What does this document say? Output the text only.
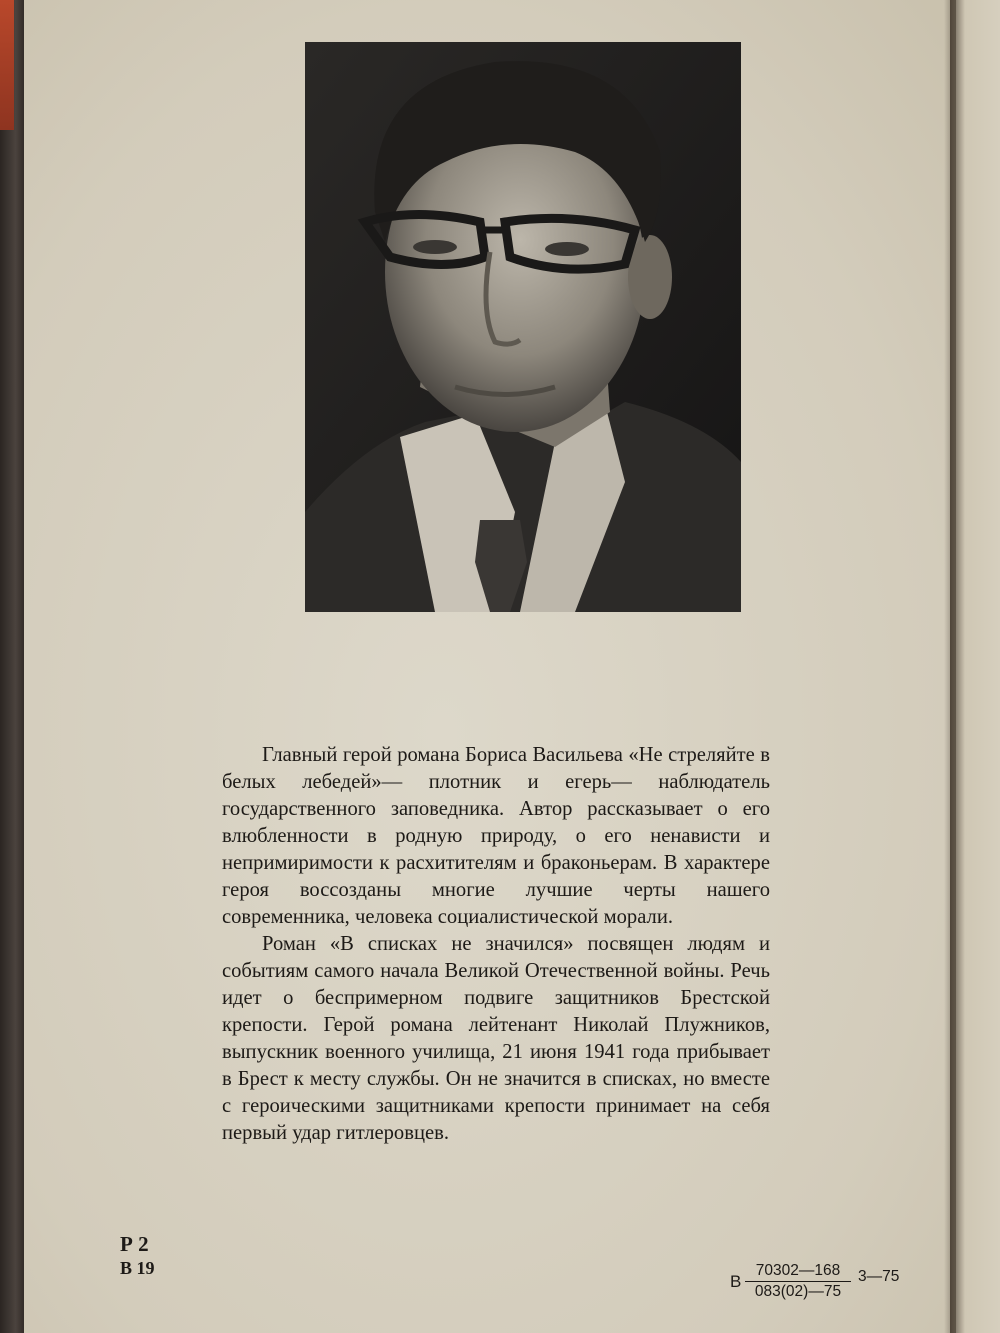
Главный герой романа Бориса Васильева «Не стреляйте в белых лебедей»— плотник и егерь— наблюдатель государственного заповедника. Автор рассказывает о его влюбленности в родную природу, о его ненависти и непримиримости к расхитителям и браконьерам. В характере героя воссозданы многие лучшие черты нашего современника, человека социалистической морали.

Роман «В списках не значился» посвящен людям и событиям самого начала Великой Отечественной войны. Речь идет о беспримерном подвиге защитников Брестской крепости. Герой романа лейтенант Николай Плужников, выпускник военного училища, 21 июня 1941 года прибывает в Брест к месту службы. Он не значится в списках, но вместе с героическими защитниками крепости принимает на себя первый удар гитлеровцев.

Р 2
В 19
В $\frac{70302—168}{083(02)—75}$ 3—75
